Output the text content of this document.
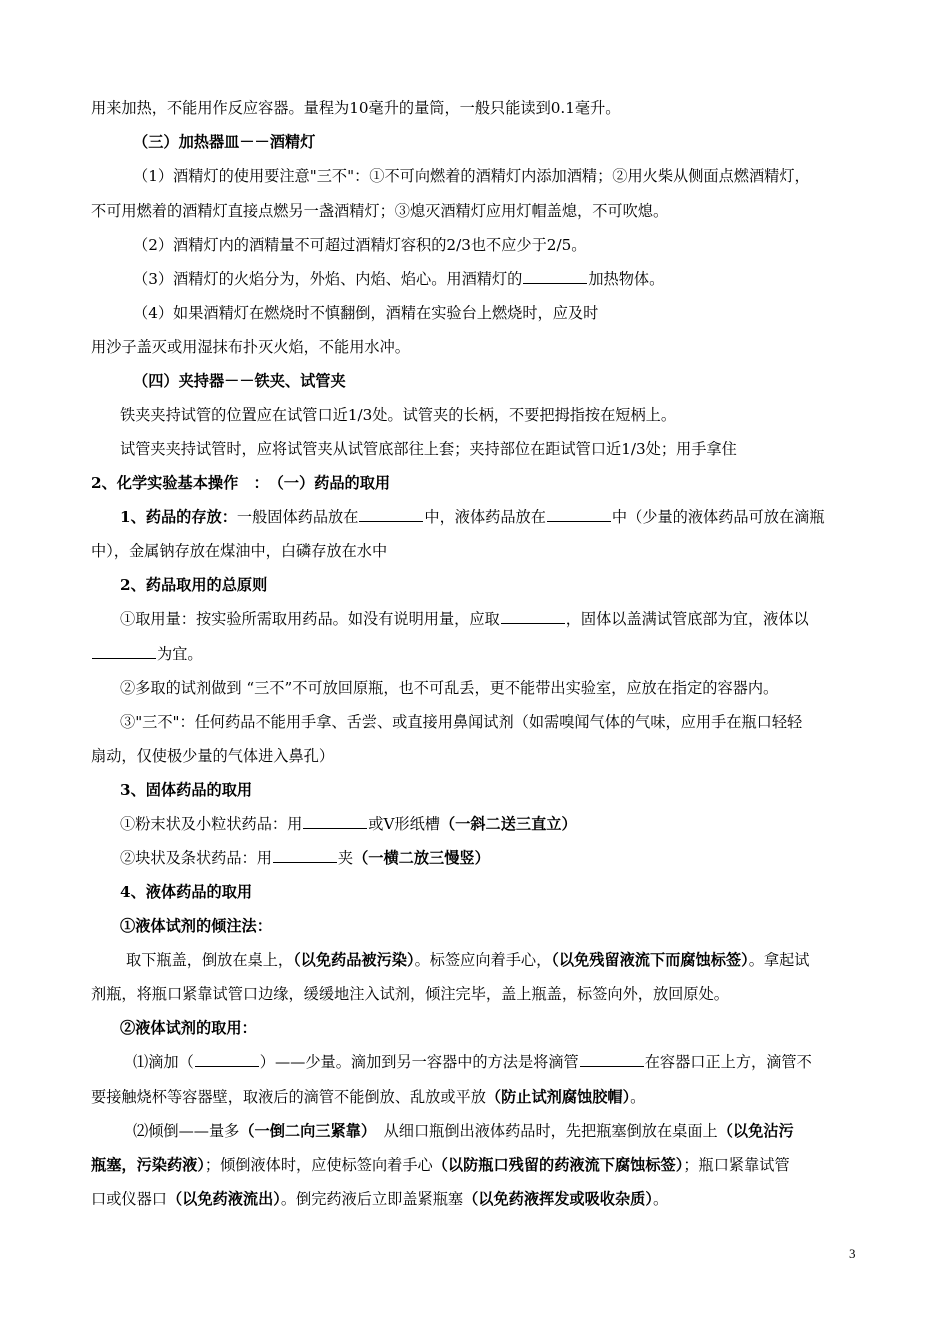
用来加热，不能用作反应容器。量程为10毫升的量筒，一般只能读到0.1毫升。
（三）加热器皿－－酒精灯
（1）酒精灯的使用要注意"三不"：①不可向燃着的酒精灯内添加酒精；②用火柴从侧面点燃酒精灯，
不可用燃着的酒精灯直接点燃另一盏酒精灯；③熄灭酒精灯应用灯帽盖熄，不可吹熄。
（2）酒精灯内的酒精量不可超过酒精灯容积的2/3也不应少于2/5。
（3）酒精灯的火焰分为，外焰、内焰、焰心。用酒精灯的	加热物体。
（4）如果酒精灯在燃烧时不慎翻倒，酒精在实验台上燃烧时，应及时
用沙子盖灭或用湿抹布扑灭火焰，不能用水冲。
（四）夹持器－－铁夹、试管夹
铁夹夹持试管的位置应在试管口近1/3处。试管夹的长柄，不要把拇指按在短柄上。
试管夹夹持试管时，应将试管夹从试管底部往上套；夹持部位在距试管口近1/3处；用手拿住
2、化学实验基本操作　：　（一）药品的取用
1、药品的存放：一般固体药品放在	中，液体药品放在	中（少量的液体药品可放在滴瓶
中），金属钠存放在煤油中，白磷存放在水中
2、药品取用的总原则
①取用量：按实验所需取用药品。如没有说明用量，应取	，固体以盖满试管底部为宜，液体以
为宜。
②多取的试剂做到 “三不”不可放回原瓶，也不可乱丢，更不能带出实验室，应放在指定的容器内。
③"三不"：任何药品不能用手拿、舌尝、或直接用鼻闻试剂（如需嗅闻气体的气味，应用手在瓶口轻轻
扇动，仅使极少量的气体进入鼻孔）
3、固体药品的取用
①粉末状及小粒状药品：用	或V形纸槽（一斜二送三直立）
②块状及条状药品：用	夹（一横二放三慢竖）
4、液体药品的取用
①液体试剂的倾注法：
取下瓶盖，倒放在桌上，（以免药品被污染）。标签应向着手心，（以免残留液流下而腐蚀标签）。拿起试
剂瓶，将瓶口紧靠试管口边缘，缓缓地注入试剂，倾注完毕，盖上瓶盖，标签向外，放回原处。
②液体试剂的取用：
⑴滴加（	）——少量。滴加到另一容器中的方法是将滴管	在容器口正上方，滴管不
要接触烧杯等容器壁，取液后的滴管不能倒放、乱放或平放（防止试剂腐蚀胶帽）。
⑵倾倒——量多（一倒二向三紧靠）　从细口瓶倒出液体药品时，先把瓶塞倒放在桌面上（以免沾污
瓶塞，污染药液）；倾倒液体时，应使标签向着手心（以防瓶口残留的药液流下腐蚀标签）；瓶口紧靠试管
口或仪器口（以免药液流出）。倒完药液后立即盖紧瓶塞（以免药液挥发或吸收杂质）。
3
